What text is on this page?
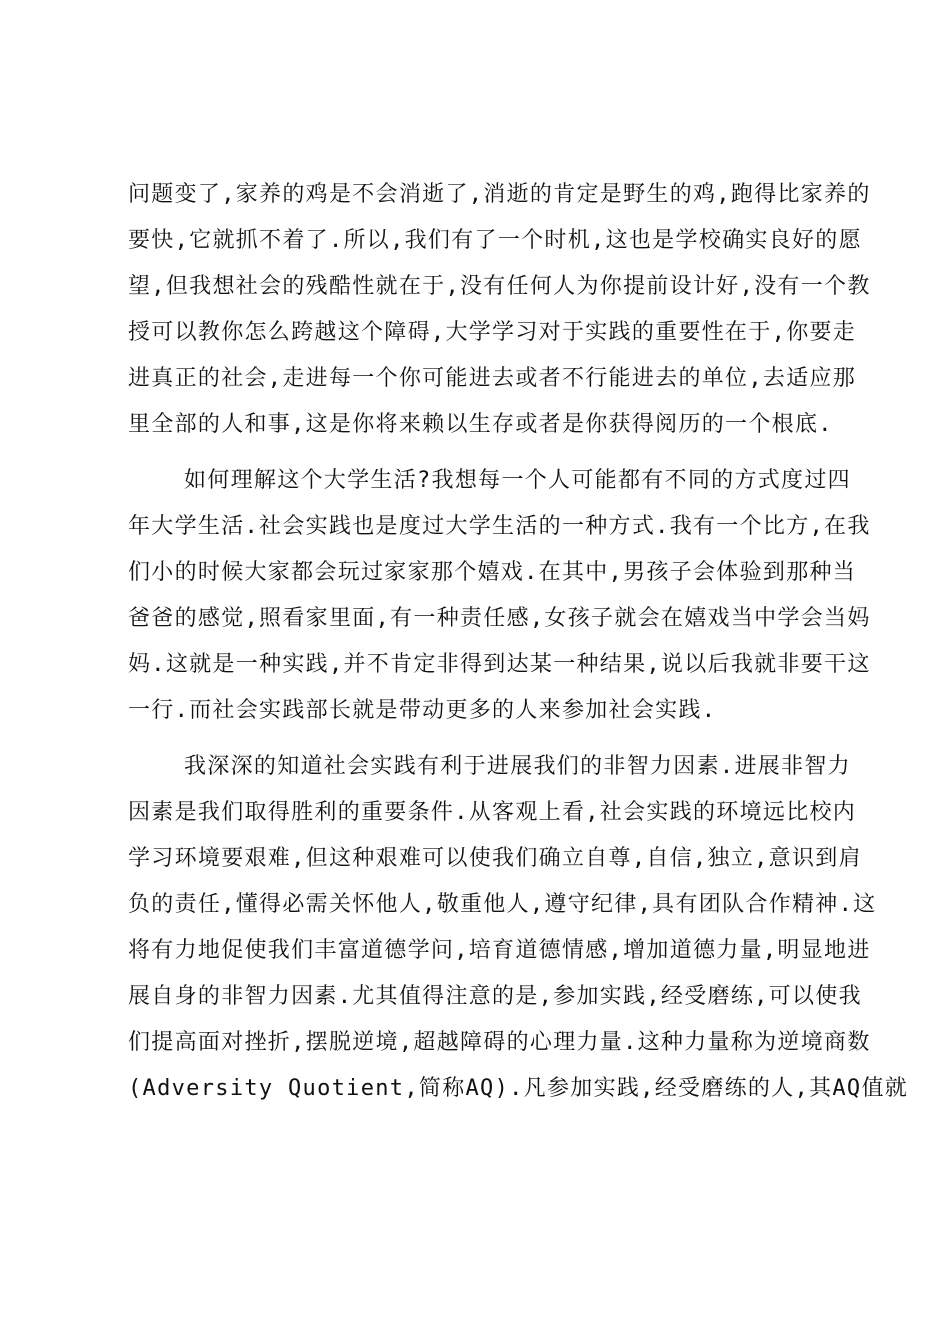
问题变了,家养的鸡是不会消逝了,消逝的肯定是野生的鸡,跑得比家养的
要快,它就抓不着了.所以,我们有了一个时机,这也是学校确实良好的愿
望,但我想社会的残酷性就在于,没有任何人为你提前设计好,没有一个教
授可以教你怎么跨越这个障碍,大学学习对于实践的重要性在于,你要走
进真正的社会,走进每一个你可能进去或者不行能进去的单位,去适应那
里全部的人和事,这是你将来赖以生存或者是你获得阅历的一个根底.
如何理解这个大学生活?我想每一个人可能都有不同的方式度过四
年大学生活.社会实践也是度过大学生活的一种方式.我有一个比方,在我
们小的时候大家都会玩过家家那个嬉戏.在其中,男孩子会体验到那种当
爸爸的感觉,照看家里面,有一种责任感,女孩子就会在嬉戏当中学会当妈
妈.这就是一种实践,并不肯定非得到达某一种结果,说以后我就非要干这
一行.而社会实践部长就是带动更多的人来参加社会实践.
我深深的知道社会实践有利于进展我们的非智力因素.进展非智力
因素是我们取得胜利的重要条件.从客观上看,社会实践的环境远比校内
学习环境要艰难,但这种艰难可以使我们确立自尊,自信,独立,意识到肩
负的责任,懂得必需关怀他人,敬重他人,遵守纪律,具有团队合作精神.这
将有力地促使我们丰富道德学问,培育道德情感,增加道德力量,明显地进
展自身的非智力因素.尤其值得注意的是,参加实践,经受磨练,可以使我
们提高面对挫折,摆脱逆境,超越障碍的心理力量.这种力量称为逆境商数
(Adversity Quotient,简称AQ).凡参加实践,经受磨练的人,其AQ值就
